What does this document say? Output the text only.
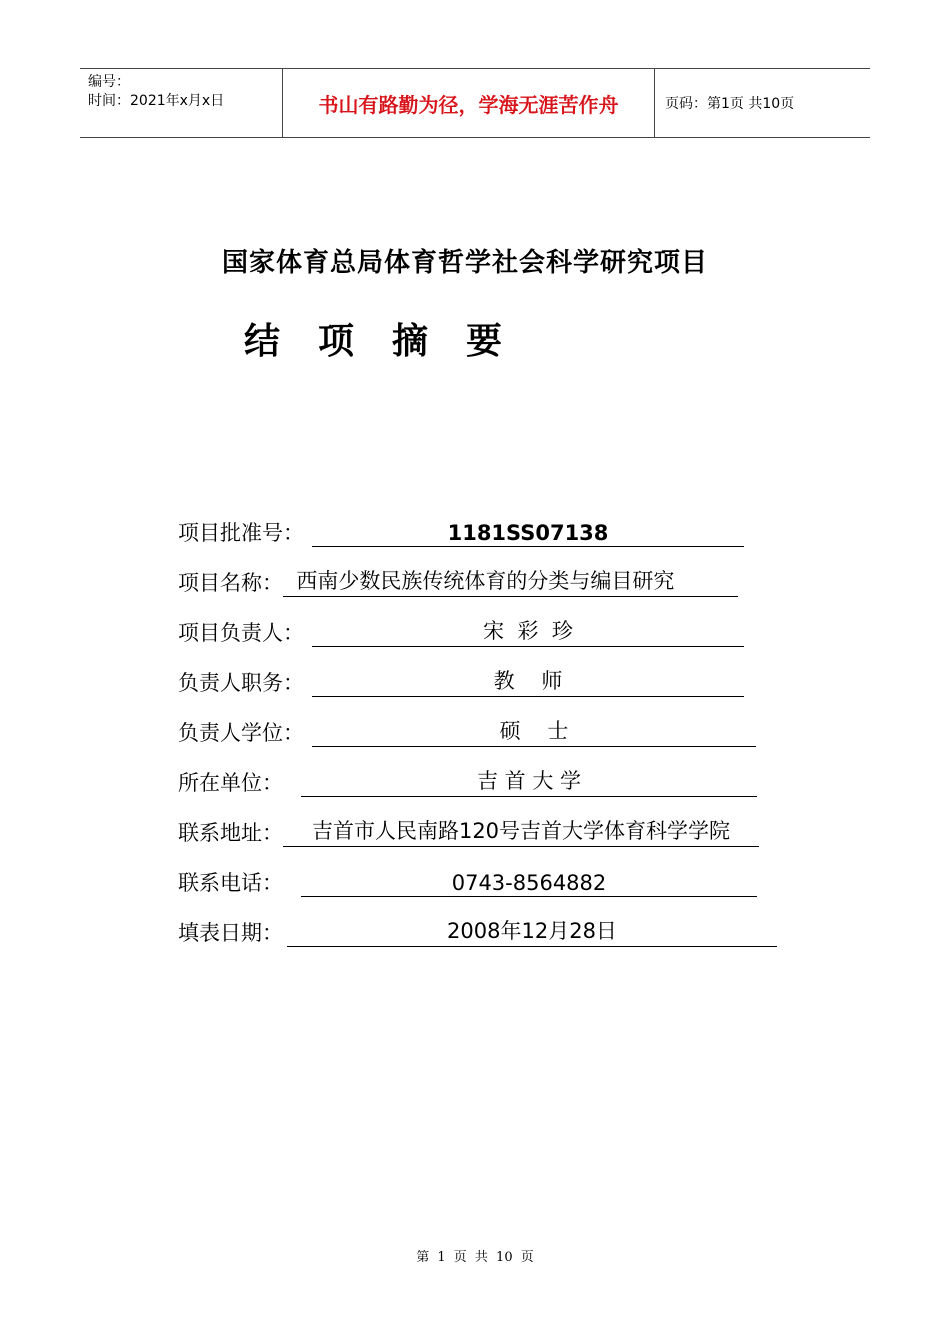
编号：
时间：2021年x月x日	书山有路勤为径，学海无涯苦作舟	页码：第1页 共10页
国家体育总局体育哲学社会科学研究项目
结项摘要
项目批准号：	1181SS07138
项目名称： 西南少数民族传统体育的分类与编目研究
项目负责人：	宋  彩  珍
负责人职务：	教    师
负责人学位：	硕    士
所在单位：	吉 首 大 学
联系地址：	吉首市人民南路120号吉首大学体育科学学院
联系电话：	0743-8564882
填表日期：	2008年12月28日
第 1 页 共 10 页
